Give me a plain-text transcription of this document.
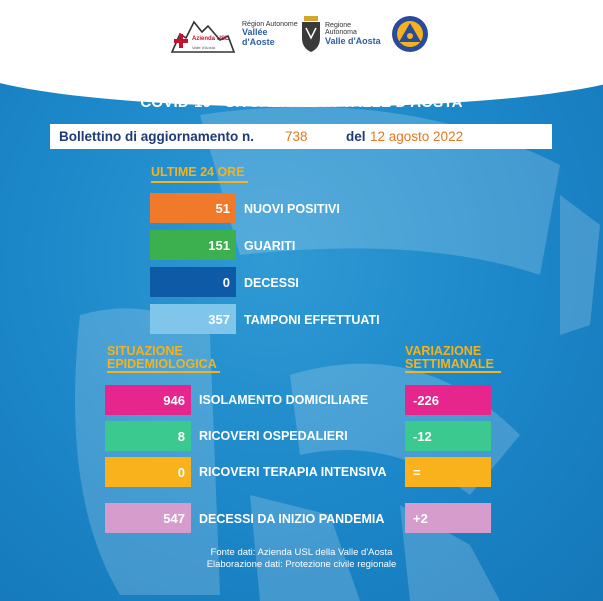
Azienda USL
Valle d'Aosta
Région Autonome
Vallée d'Aoste
Regione Autonoma
Valle d'Aosta
COVID-19 - SITUAZIONE IN VALLE D'AOSTA
Bollettino di aggiornamento n. 738	del 12 agosto 2022
ULTIME 24 ORE
51	NUOVI POSITIVI
151	GUARITI
0	DECESSI
357	TAMPONI EFFETTUATI
SITUAZIONE
EPIDEMIOLOGICA
VARIAZIONE
SETTIMANALE
946	ISOLAMENTO DOMICILIARE	-226
8	RICOVERI OSPEDALIERI	-12
0	RICOVERI TERAPIA INTENSIVA	=
547	DECESSI DA INIZIO PANDEMIA	+2
Fonte dati: Azienda USL della Valle d'Aosta
Elaborazione dati: Protezione civile regionale
